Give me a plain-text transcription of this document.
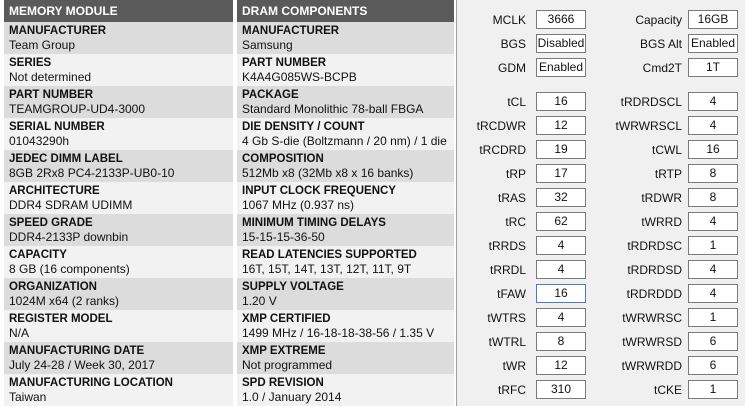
MEMORY MODULE
MANUFACTURER
Team Group
SERIES
Not determined
PART NUMBER
TEAMGROUP-UD4-3000
SERIAL NUMBER
01043290h
JEDEC DIMM LABEL
8GB 2Rx8 PC4-2133P-UB0-10
ARCHITECTURE
DDR4 SDRAM UDIMM
SPEED GRADE
DDR4-2133P downbin
CAPACITY
8 GB (16 components)
ORGANIZATION
1024M x64 (2 ranks)
REGISTER MODEL
N/A
MANUFACTURING DATE
July 24-28 / Week 30, 2017
MANUFACTURING LOCATION
Taiwan
DRAM COMPONENTS
MANUFACTURER
Samsung
PART NUMBER
K4A4G085WS-BCPB
PACKAGE
Standard Monolithic 78-ball FBGA
DIE DENSITY / COUNT
4 Gb S-die (Boltzmann / 20 nm) / 1 die
COMPOSITION
512Mb x8 (32Mb x8 x 16 banks)
INPUT CLOCK FREQUENCY
1067 MHz (0.937 ns)
MINIMUM TIMING DELAYS
15-15-15-36-50
READ LATENCIES SUPPORTED
16T, 15T, 14T, 13T, 12T, 11T, 9T
SUPPLY VOLTAGE
1.20 V
XMP CERTIFIED
1499 MHz / 16-18-18-38-56 / 1.35 V
XMP EXTREME
Not programmed
SPD REVISION
1.0 / January 2014
MCLK	3666	Capacity	16GB
BGS Disabled	BGS Alt Enabled
GDM Enabled	Cmd2T	1T
tCL	16	tRDRDSCL	4
tRCDWR	12	tWRWRSCL	4
tRCDRD	19	tCWL	16
tRP	17	tRTP	8
tRAS	32	tRDWR	8
tRC	62	tWRRD	4
tRRDS	4	tRDRDSC	1
tRRDL	4	tRDRDSD	4
tFAW	16	tRDRDDD	4
tWTRS	4	tWRWRSC	1
tWTRL	8	tWRWRSD	6
tWR	12	tWRWRDD	6
tRFC	310	tCKE	1
